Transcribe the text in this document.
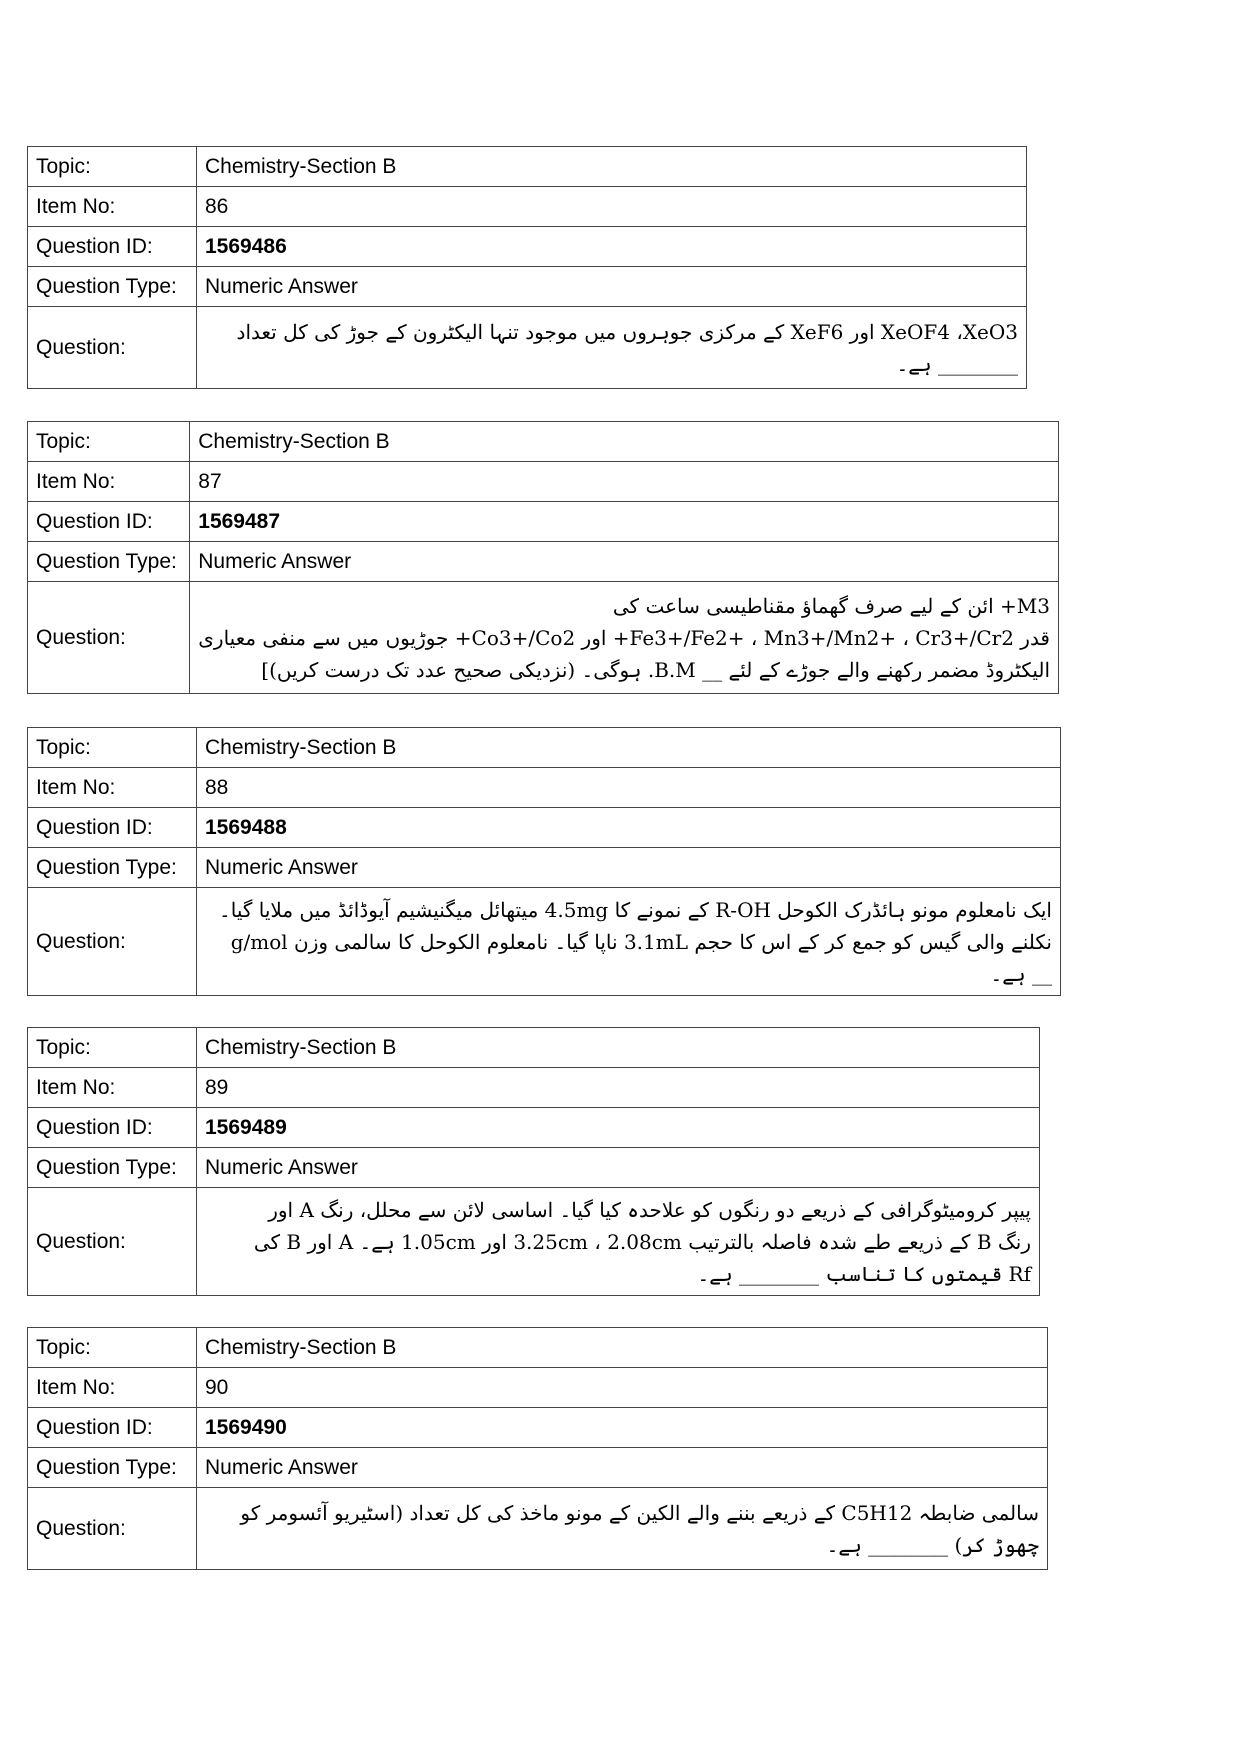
Topic:	Chemistry-Section B
Item No:	86
Question ID:	1569486
Question Type:	Numeric Answer
Question:	XeOF4 ،XeO3 اور XeF6 کے مرکزی جوہروں میں موجود تنہا الیکٹرون کے جوڑ کی کل تعداد
________ ہے۔
Topic:	Chemistry-Section B
Item No:	87
Question ID:	1569487
Question Type:	Numeric Answer
Question:	M3+ ائن کے لیے صرف گھماؤ مقناطیسی ساعت کی
قدر Fe3+/Fe2+ ، Mn3+/Mn2+ ، Cr3+/Cr2+ اور Co3+/Co2+ جوڑیوں میں سے منفی معیاری
الیکٹروڈ مضمر رکھنے والے جوڑے کے لئے __ B.M. ہوگی۔ (نزدیکی صحیح عدد تک درست کریں)]
Topic:	Chemistry-Section B
Item No:	88
Question ID:	1569488
Question Type:	Numeric Answer
Question:	ایک نامعلوم مونو ہائڈرک الکوحل R-OH کے نمونے کا 4.5mg میتھائل میگنیشیم آیوڈائڈ میں ملایا گیا۔
نکلنے والی گیس کو جمع کر کے اس کا حجم 3.1mL ناپا گیا۔ نامعلوم الکوحل کا سالمی وزن g/mol
__ ہے۔
Topic:	Chemistry-Section B
Item No:	89
Question ID:	1569489
Question Type:	Numeric Answer
Question:	پیپر کرومیٹوگرافی کے ذریعے دو رنگوں کو علاحدہ کیا گیا۔ اساسی لائن سے محلل، رنگ A اور
رنگ B کے ذریعے طے شدہ فاصلہ بالترتیب 3.25cm ، 2.08cm اور 1.05cm ہے۔ A اور B کی
Rf قیمتوں کا تناسب ________ ہے۔
Topic:	Chemistry-Section B
Item No:	90
Question ID:	1569490
Question Type:	Numeric Answer
Question:	سالمی ضابطہ C5H12 کے ذریعے بننے والے الکین کے مونو ماخذ کی کل تعداد (اسٹیریو آئسومر کو
چھوڑ کر) ________ ہے۔
